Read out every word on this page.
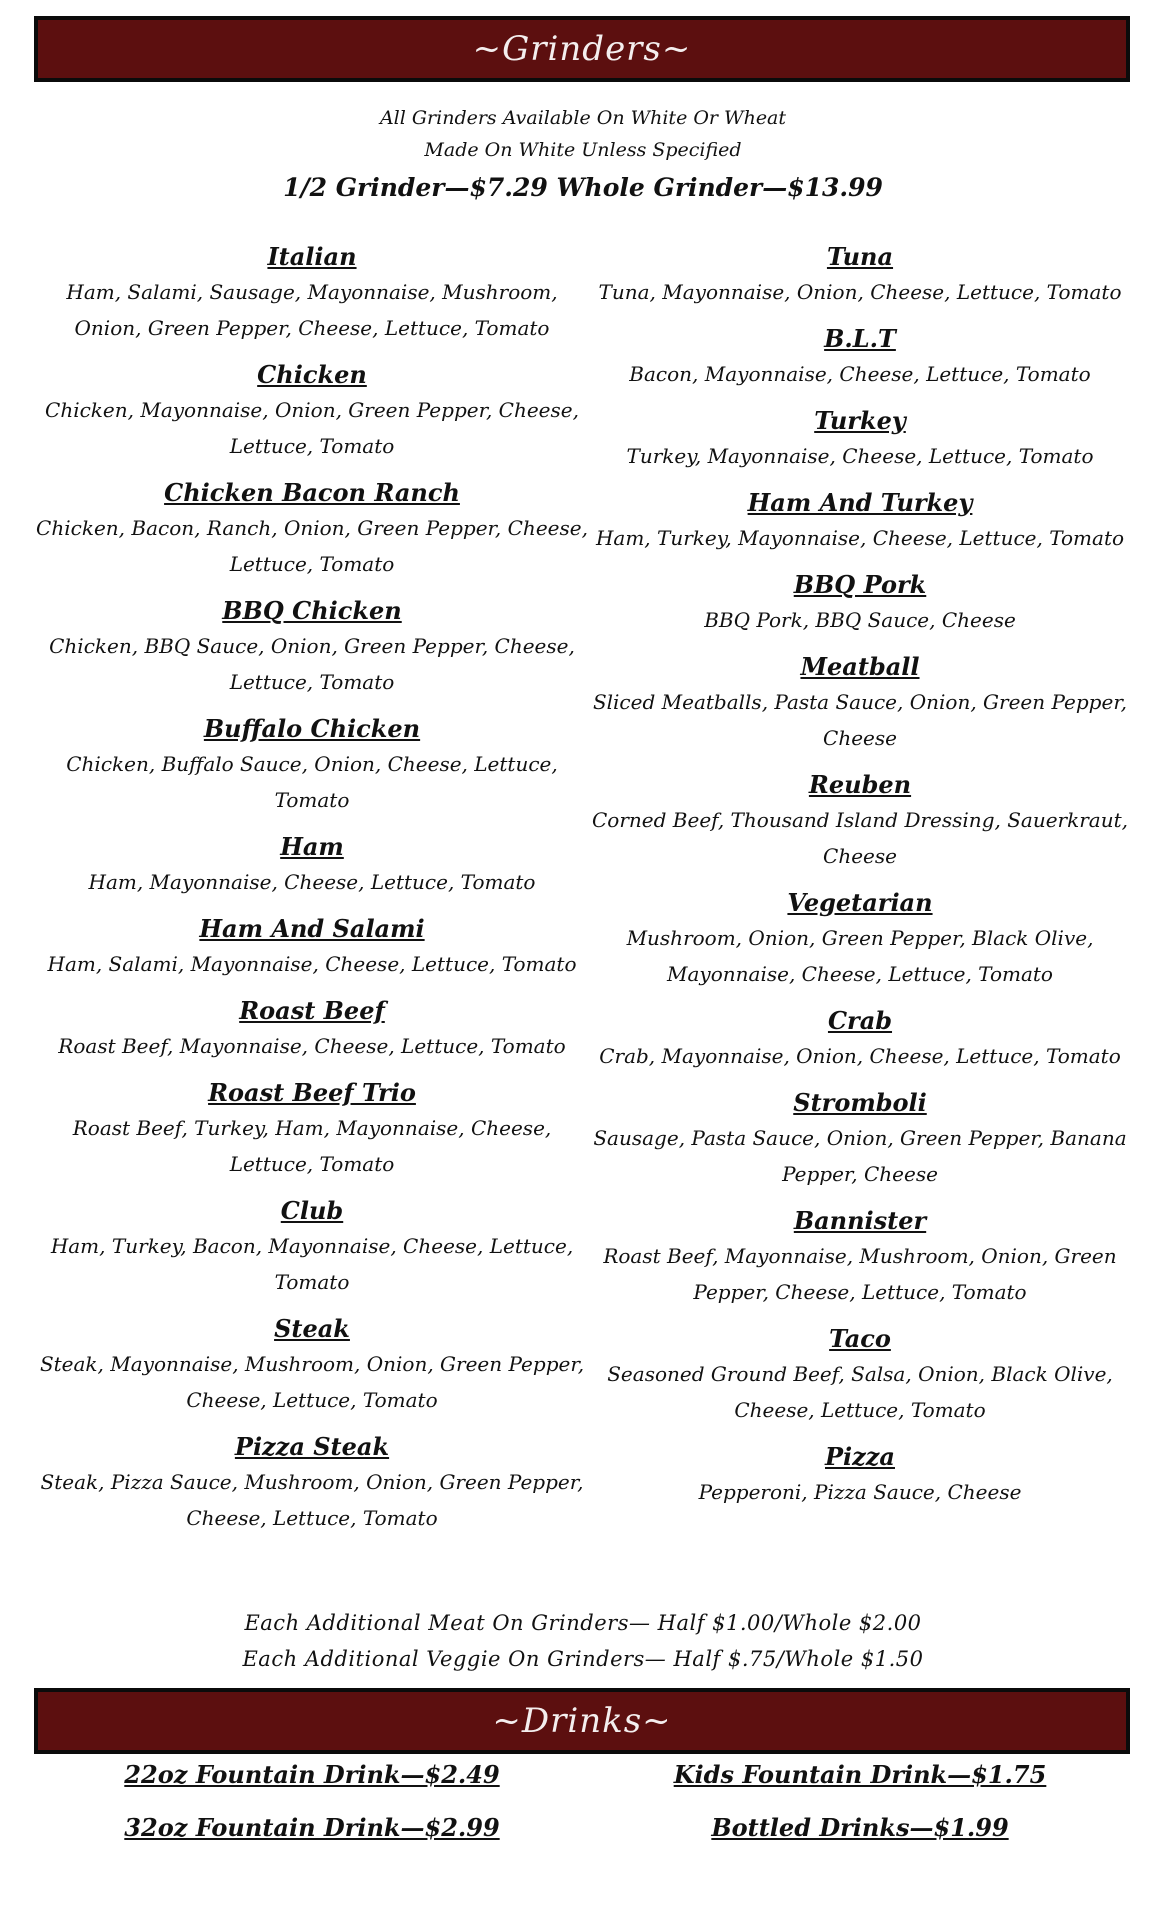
~Grinders~
All Grinders Available On White Or Wheat
Made On White Unless Specified
1/2 Grinder—$7.29 Whole Grinder—$13.99
Italian
Ham, Salami, Sausage, Mayonnaise, Mushroom, Onion, Green Pepper, Cheese, Lettuce, Tomato
Chicken
Chicken, Mayonnaise, Onion, Green Pepper, Cheese, Lettuce, Tomato
Chicken Bacon Ranch
Chicken, Bacon, Ranch, Onion, Green Pepper, Cheese, Lettuce, Tomato
BBQ Chicken
Chicken, BBQ Sauce, Onion, Green Pepper, Cheese, Lettuce, Tomato
Buffalo Chicken
Chicken, Buffalo Sauce, Onion, Cheese, Lettuce, Tomato
Ham
Ham, Mayonnaise, Cheese, Lettuce, Tomato
Ham And Salami
Ham, Salami, Mayonnaise, Cheese, Lettuce, Tomato
Roast Beef
Roast Beef, Mayonnaise, Cheese, Lettuce, Tomato
Roast Beef Trio
Roast Beef, Turkey, Ham, Mayonnaise, Cheese, Lettuce, Tomato
Club
Ham, Turkey, Bacon, Mayonnaise, Cheese, Lettuce, Tomato
Steak
Steak, Mayonnaise, Mushroom, Onion, Green Pepper, Cheese, Lettuce, Tomato
Pizza Steak
Steak, Pizza Sauce, Mushroom, Onion, Green Pepper, Cheese, Lettuce, Tomato
Tuna
Tuna, Mayonnaise, Onion, Cheese, Lettuce, Tomato
B.L.T
Bacon, Mayonnaise, Cheese, Lettuce, Tomato
Turkey
Turkey, Mayonnaise, Cheese, Lettuce, Tomato
Ham And Turkey
Ham, Turkey, Mayonnaise, Cheese, Lettuce, Tomato
BBQ Pork
BBQ Pork, BBQ Sauce, Cheese
Meatball
Sliced Meatballs, Pasta Sauce, Onion, Green Pepper, Cheese
Reuben
Corned Beef, Thousand Island Dressing, Sauerkraut, Cheese
Vegetarian
Mushroom, Onion, Green Pepper, Black Olive, Mayonnaise, Cheese, Lettuce, Tomato
Crab
Crab, Mayonnaise, Onion, Cheese, Lettuce, Tomato
Stromboli
Sausage, Pasta Sauce, Onion, Green Pepper, Banana Pepper, Cheese
Bannister
Roast Beef, Mayonnaise, Mushroom, Onion, Green Pepper, Cheese, Lettuce, Tomato
Taco
Seasoned Ground Beef, Salsa, Onion, Black Olive, Cheese, Lettuce, Tomato
Pizza
Pepperoni, Pizza Sauce, Cheese
Each Additional Meat On Grinders— Half $1.00/Whole $2.00
Each Additional Veggie On Grinders— Half $.75/Whole $1.50
~Drinks~
22oz Fountain Drink—$2.49	Kids Fountain Drink—$1.75
32oz Fountain Drink—$2.99	Bottled Drinks—$1.99
